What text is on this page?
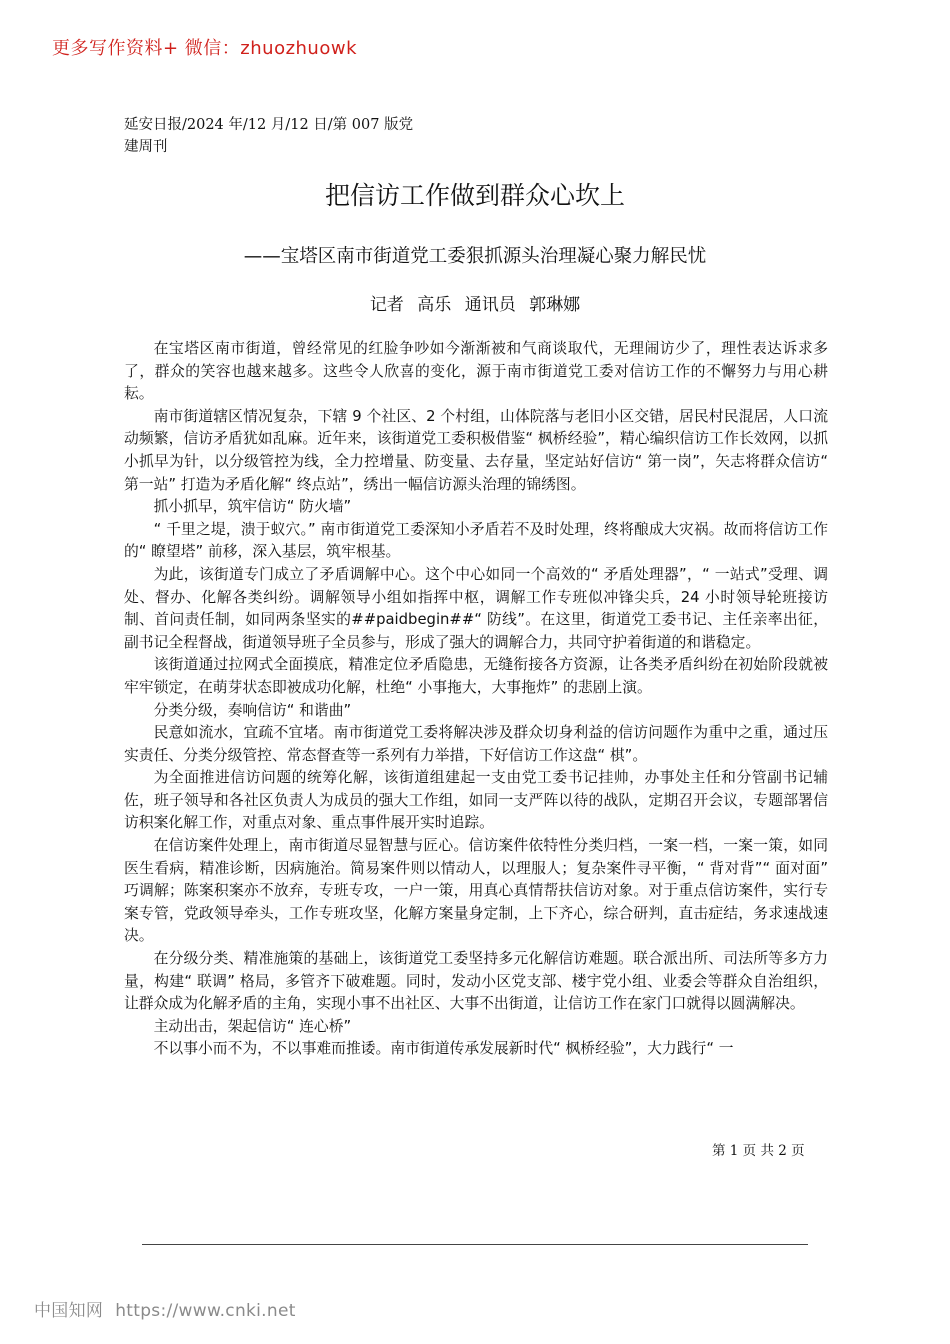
更多写作资料+ 微信：zhuozhuowk
延安日报/2024 年/12 月/12 日/第 007 版党建周刊
把信访工作做到群众心坎上
——宝塔区南市街道党工委狠抓源头治理凝心聚力解民忧
记者 高乐 通讯员 郭琳娜

在宝塔区南市街道，曾经常见的红脸争吵如今渐渐被和气商谈取代，无理闹访少了，理性表达诉求多了，群众的笑容也越来越多。这些令人欣喜的变化，源于南市街道党工委对信访工作的不懈努力与用心耕耘。

南市街道辖区情况复杂，下辖 9 个社区、2 个村组，山体院落与老旧小区交错，居民村民混居，人口流动频繁，信访矛盾犹如乱麻。近年来，该街道党工委积极借鉴“ 枫桥经验”，精心编织信访工作长效网，以抓小抓早为针，以分级管控为线，全力控增量、防变量、去存量，坚定站好信访“ 第一岗”，矢志将群众信访“ 第一站” 打造为矛盾化解“ 终点站”，绣出一幅信访源头治理的锦绣图。

抓小抓早，筑牢信访“ 防火墙”

“ 千里之堤，溃于蚁穴。” 南市街道党工委深知小矛盾若不及时处理，终将酿成大灾祸。故而将信访工作的“ 瞭望塔” 前移，深入基层，筑牢根基。

为此，该街道专门成立了矛盾调解中心。这个中心如同一个高效的“ 矛盾处理器”，“ 一站式”受理、调处、督办、化解各类纠纷。调解领导小组如指挥中枢，调解工作专班似冲锋尖兵，24 小时领导轮班接访制、首问责任制，如同两条坚实的##paidbegin##“ 防线”。在这里，街道党工委书记、主任亲率出征，副书记全程督战，街道领导班子全员参与，形成了强大的调解合力，共同守护着街道的和谐稳定。

该街道通过拉网式全面摸底，精准定位矛盾隐患，无缝衔接各方资源，让各类矛盾纠纷在初始阶段就被牢牢锁定，在萌芽状态即被成功化解，杜绝“ 小事拖大，大事拖炸” 的悲剧上演。

分类分级，奏响信访“ 和谐曲”

民意如流水，宜疏不宜堵。南市街道党工委将解决涉及群众切身利益的信访问题作为重中之重，通过压实责任、分类分级管控、常态督查等一系列有力举措，下好信访工作这盘“ 棋”。

为全面推进信访问题的统筹化解，该街道组建起一支由党工委书记挂帅，办事处主任和分管副书记辅佐，班子领导和各社区负责人为成员的强大工作组，如同一支严阵以待的战队，定期召开会议，专题部署信访积案化解工作，对重点对象、重点事件展开实时追踪。

在信访案件处理上，南市街道尽显智慧与匠心。信访案件依特性分类归档，一案一档，一案一策，如同医生看病，精准诊断，因病施治。简易案件则以情动人，以理服人；复杂案件寻平衡，“ 背对背”“ 面对面” 巧调解；陈案积案亦不放弃，专班专攻，一户一策，用真心真情帮扶信访对象。对于重点信访案件，实行专案专管，党政领导牵头，工作专班攻坚，化解方案量身定制，上下齐心，综合研判，直击症结，务求速战速决。

在分级分类、精准施策的基础上，该街道党工委坚持多元化解信访难题。联合派出所、司法所等多方力量，构建“ 联调” 格局，多管齐下破难题。同时，发动小区党支部、楼宇党小组、业委会等群众自治组织，让群众成为化解矛盾的主角，实现小事不出社区、大事不出街道，让信访工作在家门口就得以圆满解决。

主动出击，架起信访“ 连心桥”

不以事小而不为，不以事难而推诿。南市街道传承发展新时代“ 枫桥经验”，大力践行“ 一

第 1 页 共 2 页
中国知网 https://www.cnki.net
